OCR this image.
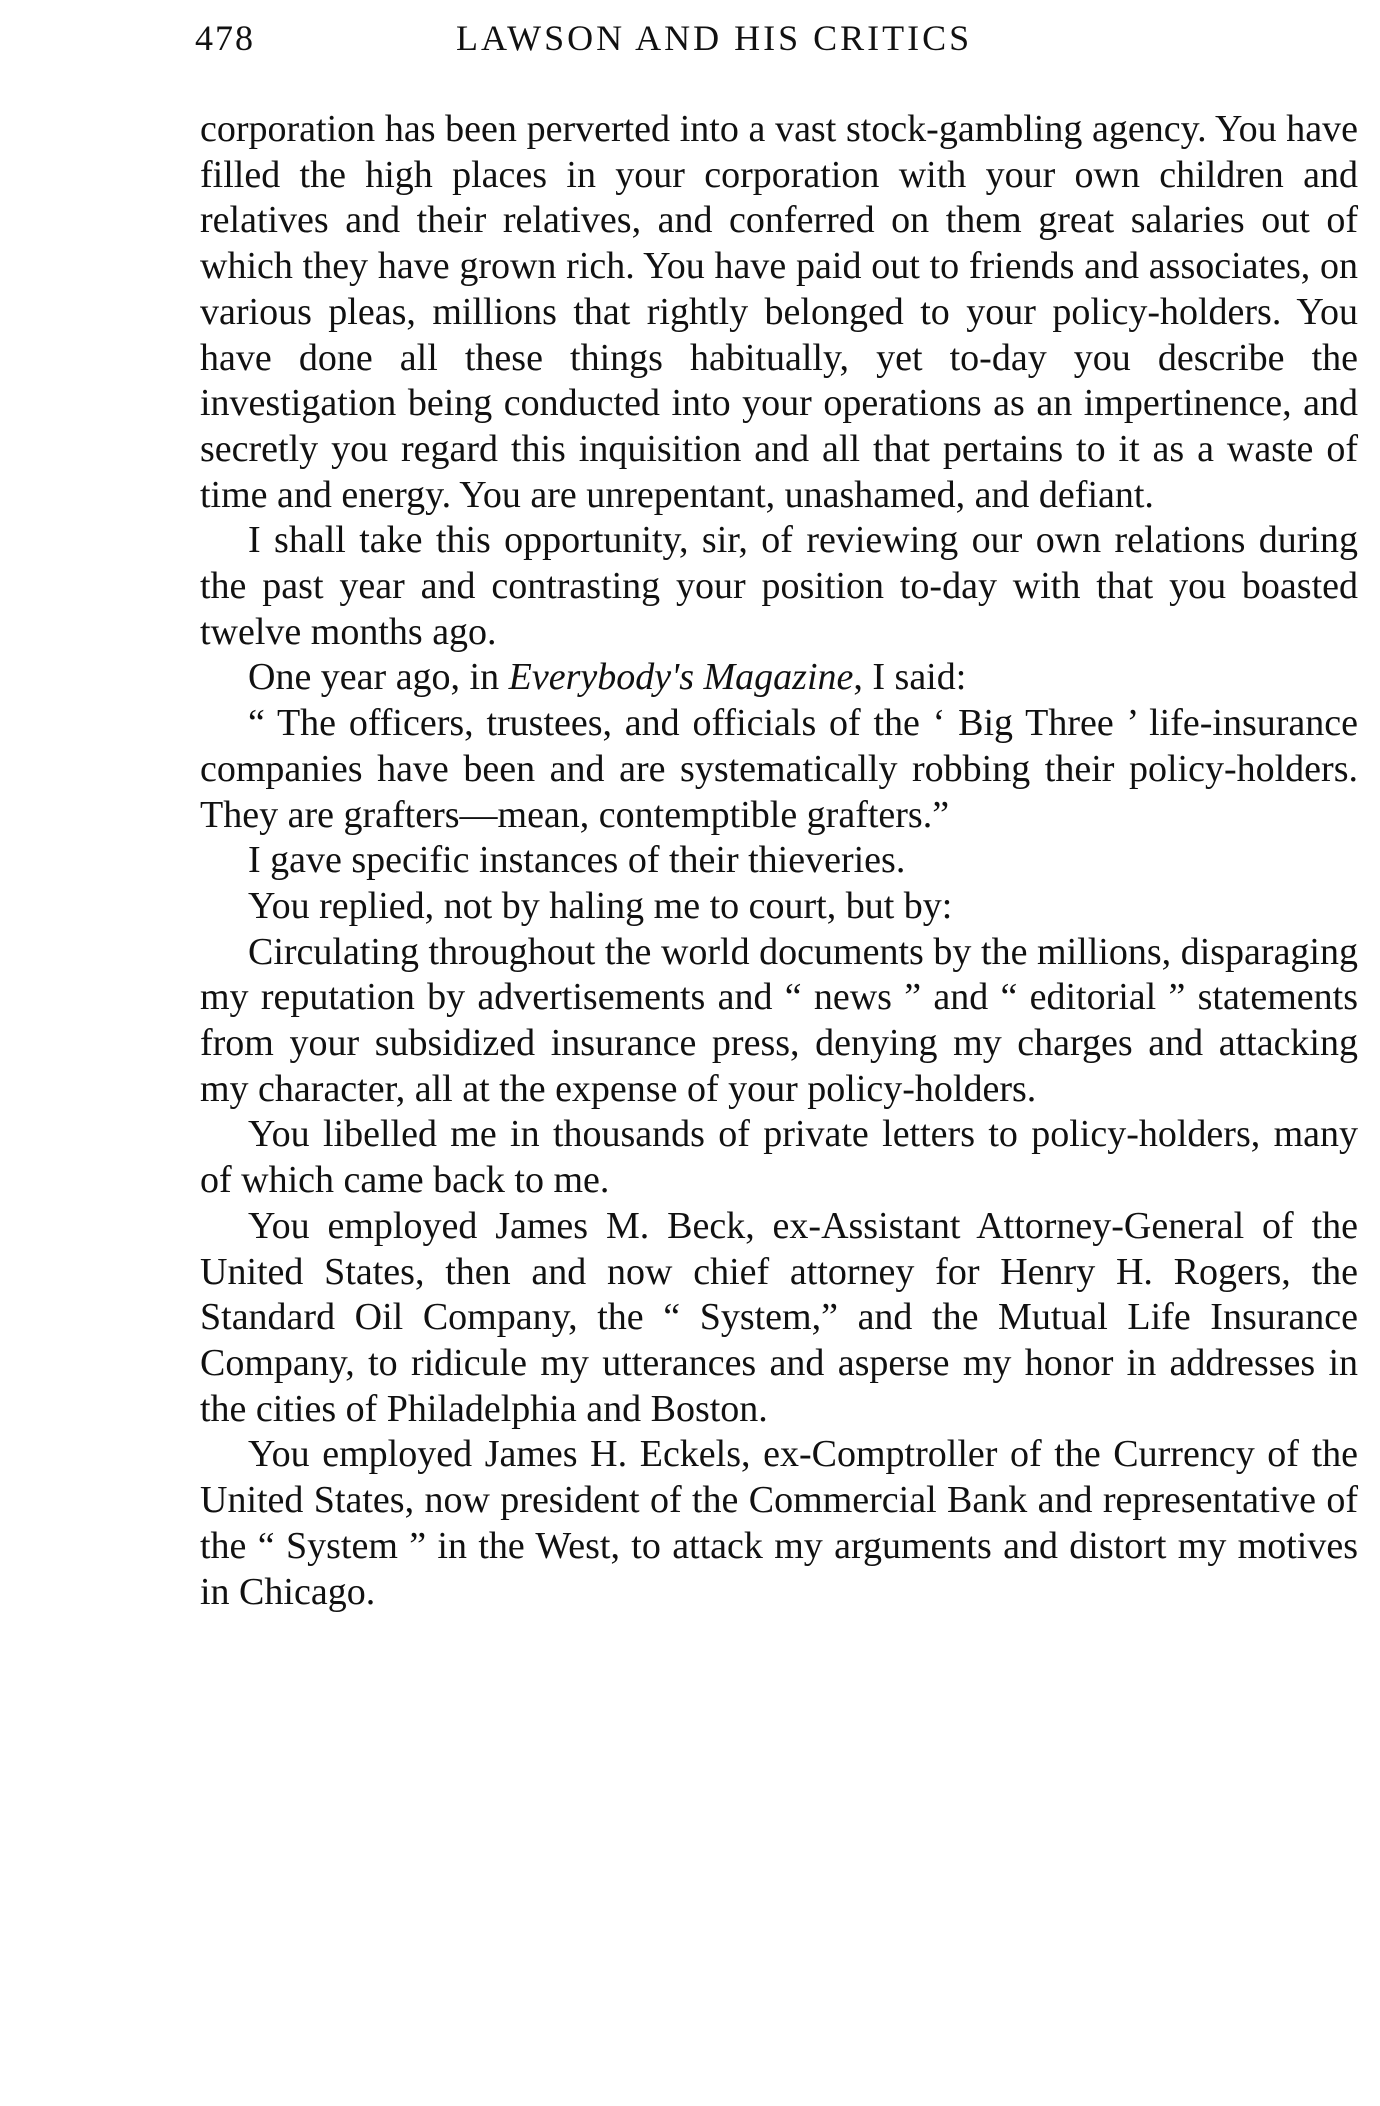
478	LAWSON AND HIS CRITICS

corporation has been perverted into a vast stock-gambling agency. You have filled the high places in your corporation with your own children and relatives and their relatives, and conferred on them great salaries out of which they have grown rich. You have paid out to friends and associates, on various pleas, millions that rightly belonged to your policy-holders. You have done all these things habitually, yet to-day you describe the investigation being conducted into your operations as an impertinence, and secretly you regard this inquisition and all that pertains to it as a waste of time and energy. You are unrepentant, unashamed, and defiant.

I shall take this opportunity, sir, of reviewing our own relations during the past year and contrasting your position to-day with that you boasted twelve months ago.

One year ago, in Everybody's Magazine, I said:

“ The officers, trustees, and officials of the ‘ Big Three ’ life-insurance companies have been and are systematically robbing their policy-holders. They are grafters—mean, contemptible grafters.”

I gave specific instances of their thieveries.

You replied, not by haling me to court, but by:

Circulating throughout the world documents by the millions, disparaging my reputation by advertisements and “ news ” and “ editorial ” statements from your subsidized insurance press, denying my charges and attacking my character, all at the expense of your policy-holders.

You libelled me in thousands of private letters to policy-holders, many of which came back to me.

You employed James M. Beck, ex-Assistant Attorney-General of the United States, then and now chief attorney for Henry H. Rogers, the Standard Oil Company, the “ System,” and the Mutual Life Insurance Company, to ridicule my utterances and asperse my honor in addresses in the cities of Philadelphia and Boston.

You employed James H. Eckels, ex-Comptroller of the Currency of the United States, now president of the Commercial Bank and representative of the “ System ” in the West, to attack my arguments and distort my motives in Chicago.
